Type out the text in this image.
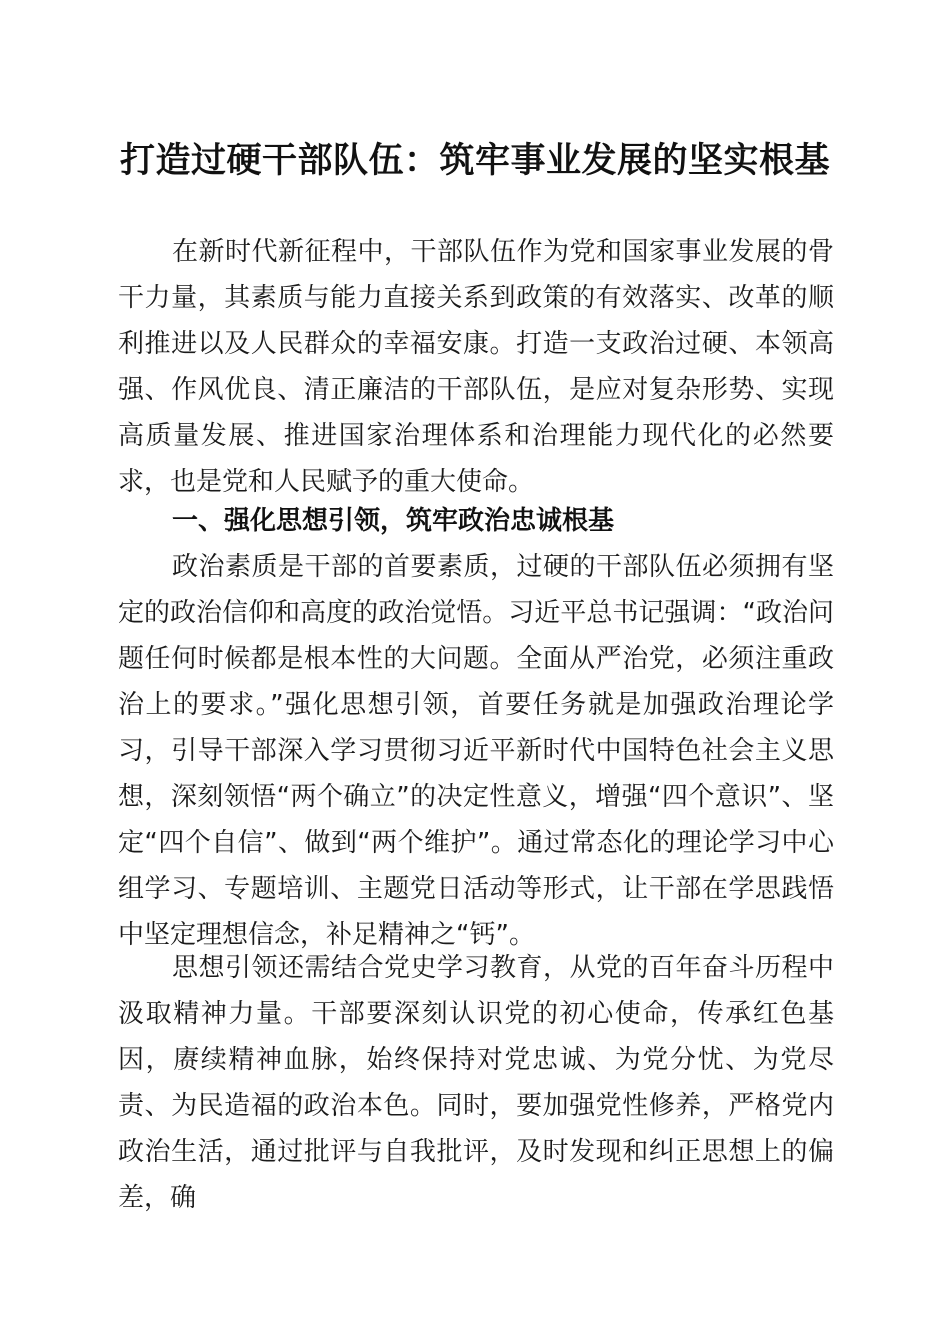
打造过硬干部队伍：筑牢事业发展的坚实根基

在新时代新征程中，干部队伍作为党和国家事业发展的骨干力量，其素质与能力直接关系到政策的有效落实、改革的顺利推进以及人民群众的幸福安康。打造一支政治过硬、本领高强、作风优良、清正廉洁的干部队伍，是应对复杂形势、实现高质量发展、推进国家治理体系和治理能力现代化的必然要求，也是党和人民赋予的重大使命。

一、强化思想引领，筑牢政治忠诚根基

政治素质是干部的首要素质，过硬的干部队伍必须拥有坚定的政治信仰和高度的政治觉悟。习近平总书记强调：“政治问题任何时候都是根本性的大问题。全面从严治党，必须注重政治上的要求。”强化思想引领，首要任务就是加强政治理论学习，引导干部深入学习贯彻习近平新时代中国特色社会主义思想，深刻领悟“两个确立”的决定性意义，增强“四个意识”、坚定“四个自信”、做到“两个维护”。通过常态化的理论学习中心组学习、专题培训、主题党日活动等形式，让干部在学思践悟中坚定理想信念，补足精神之“钙”。

思想引领还需结合党史学习教育，从党的百年奋斗历程中汲取精神力量。干部要深刻认识党的初心使命，传承红色基因，赓续精神血脉，始终保持对党忠诚、为党分忧、为党尽责、为民造福的政治本色。同时，要加强党性修养，严格党内政治生活，通过批评与自我批评，及时发现和纠正思想上的偏差，确
